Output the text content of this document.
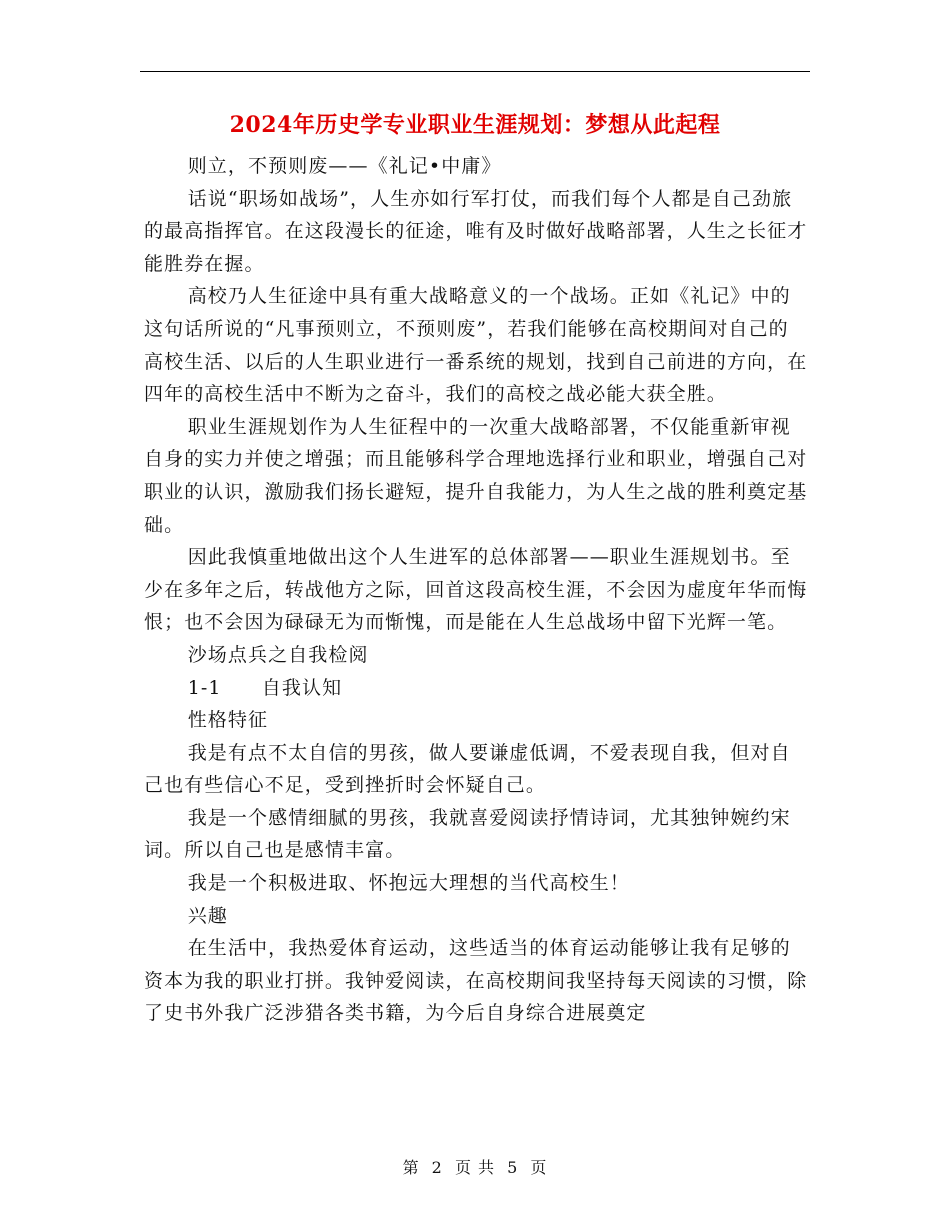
2024年历史学专业职业生涯规划：梦想从此起程

则立，不预则废——《礼记•中庸》

话说“职场如战场”，人生亦如行军打仗，而我们每个人都是自己劲旅的最高指挥官。在这段漫长的征途，唯有及时做好战略部署，人生之长征才能胜券在握。

高校乃人生征途中具有重大战略意义的一个战场。正如《礼记》中的这句话所说的“凡事预则立，不预则废”，若我们能够在高校期间对自己的高校生活、以后的人生职业进行一番系统的规划，找到自己前进的方向，在四年的高校生活中不断为之奋斗，我们的高校之战必能大获全胜。

职业生涯规划作为人生征程中的一次重大战略部署，不仅能重新审视自身的实力并使之增强；而且能够科学合理地选择行业和职业，增强自己对职业的认识，激励我们扬长避短，提升自我能力，为人生之战的胜利奠定基础。

因此我慎重地做出这个人生进军的总体部署——职业生涯规划书。至少在多年之后，转战他方之际，回首这段高校生涯，不会因为虚度年华而悔恨；也不会因为碌碌无为而惭愧，而是能在人生总战场中留下光辉一笔。

沙场点兵之自我检阅

1-1　　自我认知

性格特征

我是有点不太自信的男孩，做人要谦虚低调，不爱表现自我，但对自己也有些信心不足，受到挫折时会怀疑自己。

我是一个感情细腻的男孩，我就喜爱阅读抒情诗词，尤其独钟婉约宋词。所以自己也是感情丰富。

我是一个积极进取、怀抱远大理想的当代高校生！

兴趣

在生活中，我热爱体育运动，这些适当的体育运动能够让我有足够的资本为我的职业打拼。我钟爱阅读，在高校期间我坚持每天阅读的习惯，除了史书外我广泛涉猎各类书籍，为今后自身综合进展奠定

第 2 页 共 5 页
